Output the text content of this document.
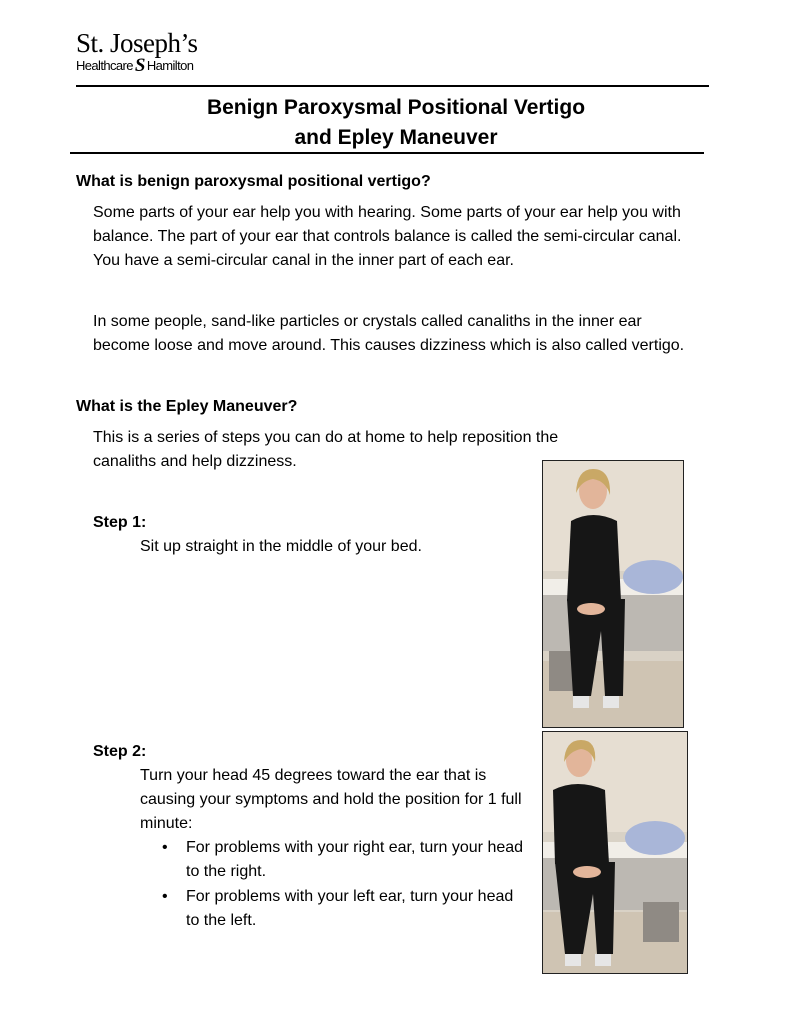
St. Joseph’s
Healthcare S Hamilton
Benign Paroxysmal Positional Vertigo
and Epley Maneuver
What is benign paroxysmal positional vertigo?
Some parts of your ear help you with hearing. Some parts of your ear help you with balance. The part of your ear that controls balance is called the semi-circular canal. You have a semi-circular canal in the inner part of each ear.
In some people, sand-like particles or crystals called canaliths in the inner ear become loose and move around. This causes dizziness which is also called vertigo.
What is the Epley Maneuver?
This is a series of steps you can do at home to help reposition the canaliths and help dizziness.
Step 1:
Sit up straight in the middle of your bed.
Step 2:
Turn your head 45 degrees toward the ear that is causing your symptoms and hold the position for 1 full minute:
• For problems with your right ear, turn your head to the right.
• For problems with your left ear, turn your head to the left.
